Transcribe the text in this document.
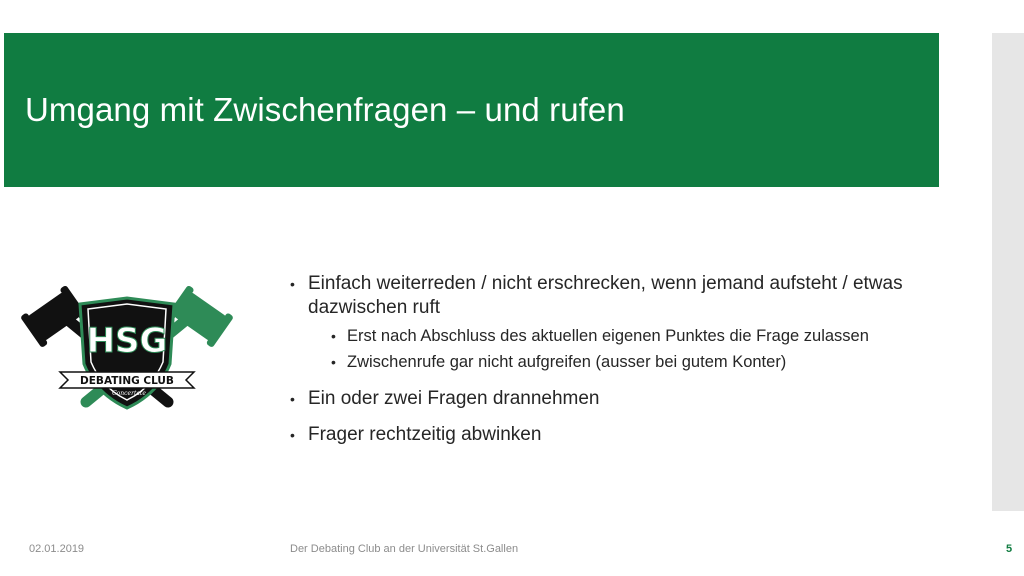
Umgang mit Zwischenfragen – und rufen
HSG
DEBATING CLUB
Concertate
• Einfach weiterreden / nicht erschrecken, wenn jemand aufsteht / etwas dazwischen ruft
• Erst nach Abschluss des aktuellen eigenen Punktes die Frage zulassen
• Zwischenrufe gar nicht aufgreifen (ausser bei gutem Konter)
• Ein oder zwei Fragen drannehmen
• Frager rechtzeitig abwinken
02.01.2019	Der Debating Club an der Universität St.Gallen	5
